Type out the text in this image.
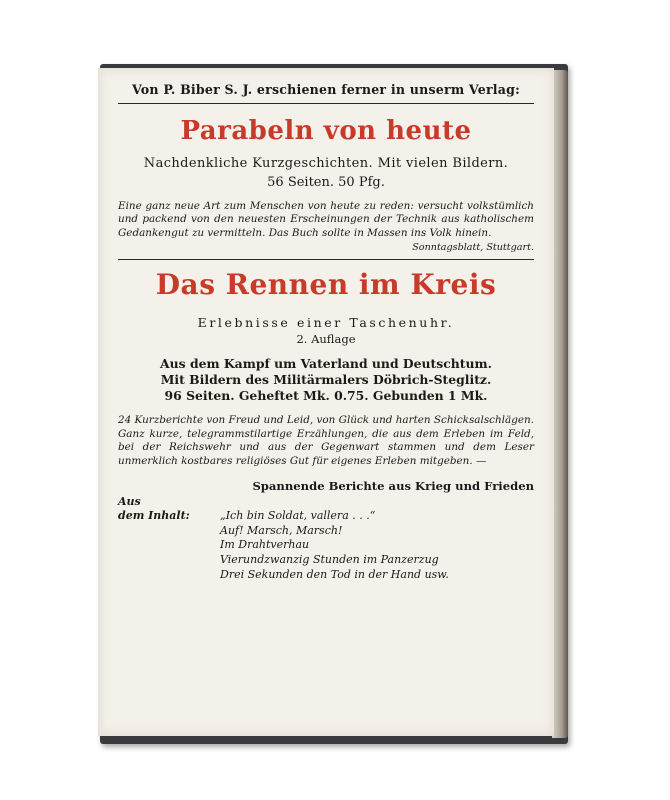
Von P. Biber S. J. erschienen ferner in unserm Verlag:
Parabeln von heute
Nachdenkliche Kurzgeschichten. Mit vielen Bildern.
56 Seiten. 50 Pfg.
Eine ganz neue Art zum Menschen von heute zu reden: versucht volkstümlich und packend von den neuesten Erscheinungen der Technik aus katholischem Gedankengut zu vermitteln. Das Buch sollte in Massen ins Volk hinein.
Sonntagsblatt, Stuttgart.
Das Rennen im Kreis
Erlebnisse einer Taschenuhr.
2. Auflage
Aus dem Kampf um Vaterland und Deutschtum.
Mit Bildern des Militärmalers Döbrich-Steglitz.
96 Seiten. Geheftet Mk. 0.75. Gebunden 1 Mk.
24 Kurzberichte von Freud und Leid, von Glück und harten Schicksalschlägen. Ganz kurze, telegrammstilartige Erzählungen, die aus dem Erleben im Feld, bei der Reichswehr und aus der Gegenwart stammen und dem Leser unmerklich kostbares religiöses Gut für eigenes Erleben mitgeben. —
Spannende Berichte aus Krieg und Frieden
Aus
dem Inhalt:	„Ich bin Soldat, vallera . . .“
Auf! Marsch, Marsch!
Im Drahtverhau
Vierundzwanzig Stunden im Panzerzug
Drei Sekunden den Tod in der Hand usw.
